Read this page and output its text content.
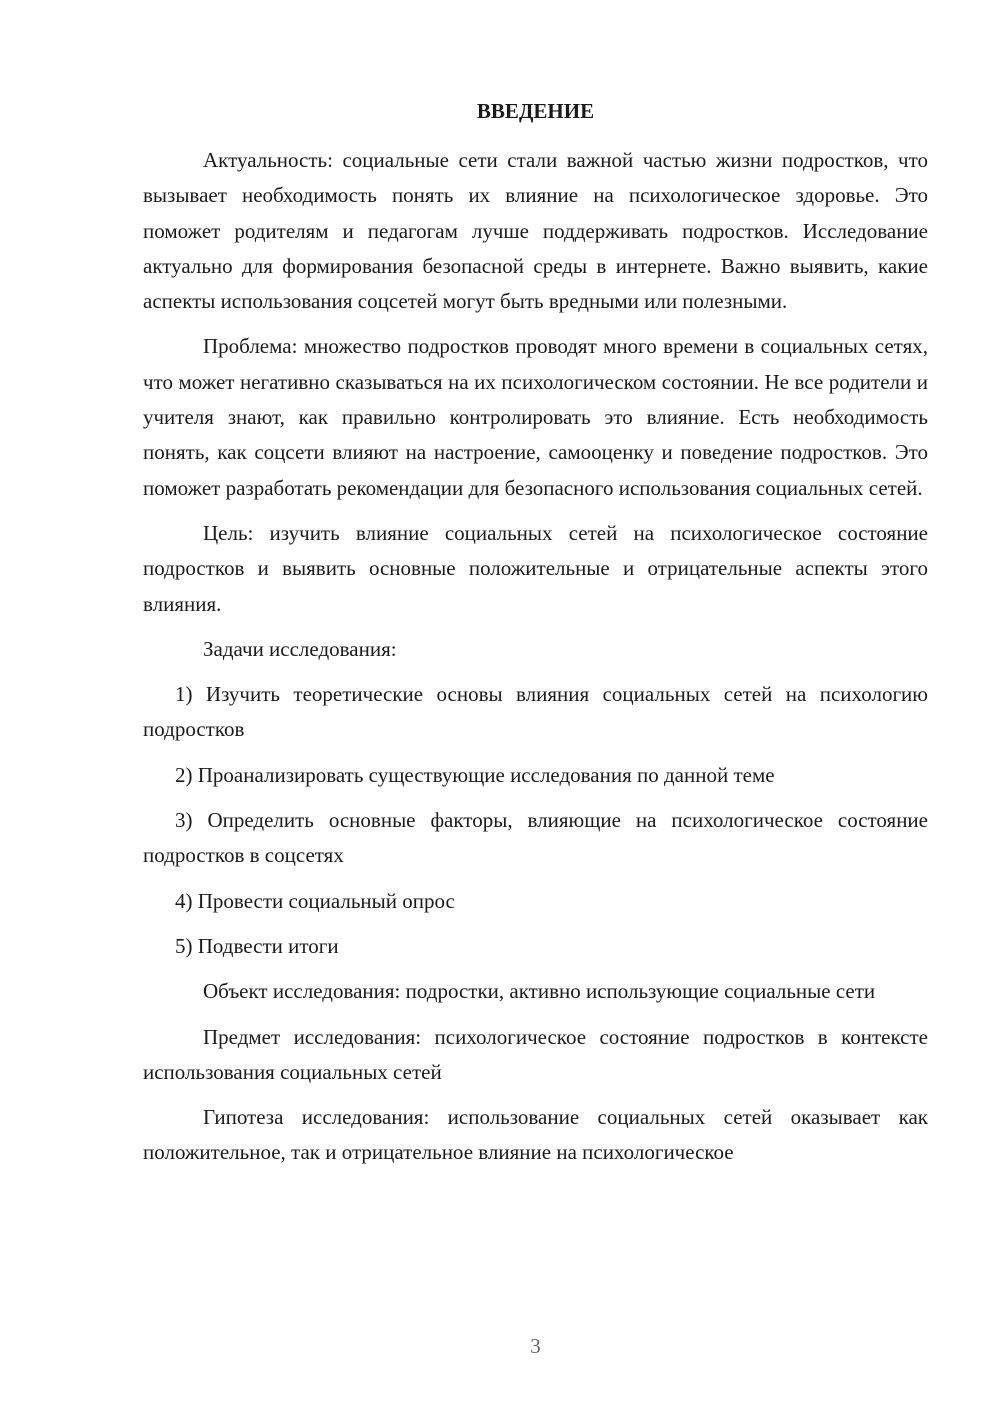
ВВЕДЕНИЕ

Актуальность: социальные сети стали важной частью жизни подростков, что вызывает необходимость понять их влияние на психологическое здоровье. Это поможет родителям и педагогам лучше поддерживать подростков. Исследование актуально для формирования безопасной среды в интернете. Важно выявить, какие аспекты использования соцсетей могут быть вредными или полезными.

Проблема: множество подростков проводят много времени в социальных сетях, что может негативно сказываться на их психологическом состоянии. Не все родители и учителя знают, как правильно контролировать это влияние. Есть необходимость понять, как соцсети влияют на настроение, самооценку и поведение подростков. Это поможет разработать рекомендации для безопасного использования социальных сетей.

Цель: изучить влияние социальных сетей на психологическое состояние подростков и выявить основные положительные и отрицательные аспекты этого влияния.

Задачи исследования:

1) Изучить теоретические основы влияния социальных сетей на психологию подростков

2) Проанализировать существующие исследования по данной теме

3) Определить основные факторы, влияющие на психологическое состояние подростков в соцсетях

4) Провести социальный опрос

5) Подвести итоги

Объект исследования: подростки, активно использующие социальные сети

Предмет исследования: психологическое состояние подростков в контексте использования социальных сетей

Гипотеза исследования: использование социальных сетей оказывает как положительное, так и отрицательное влияние на психологическое

3
